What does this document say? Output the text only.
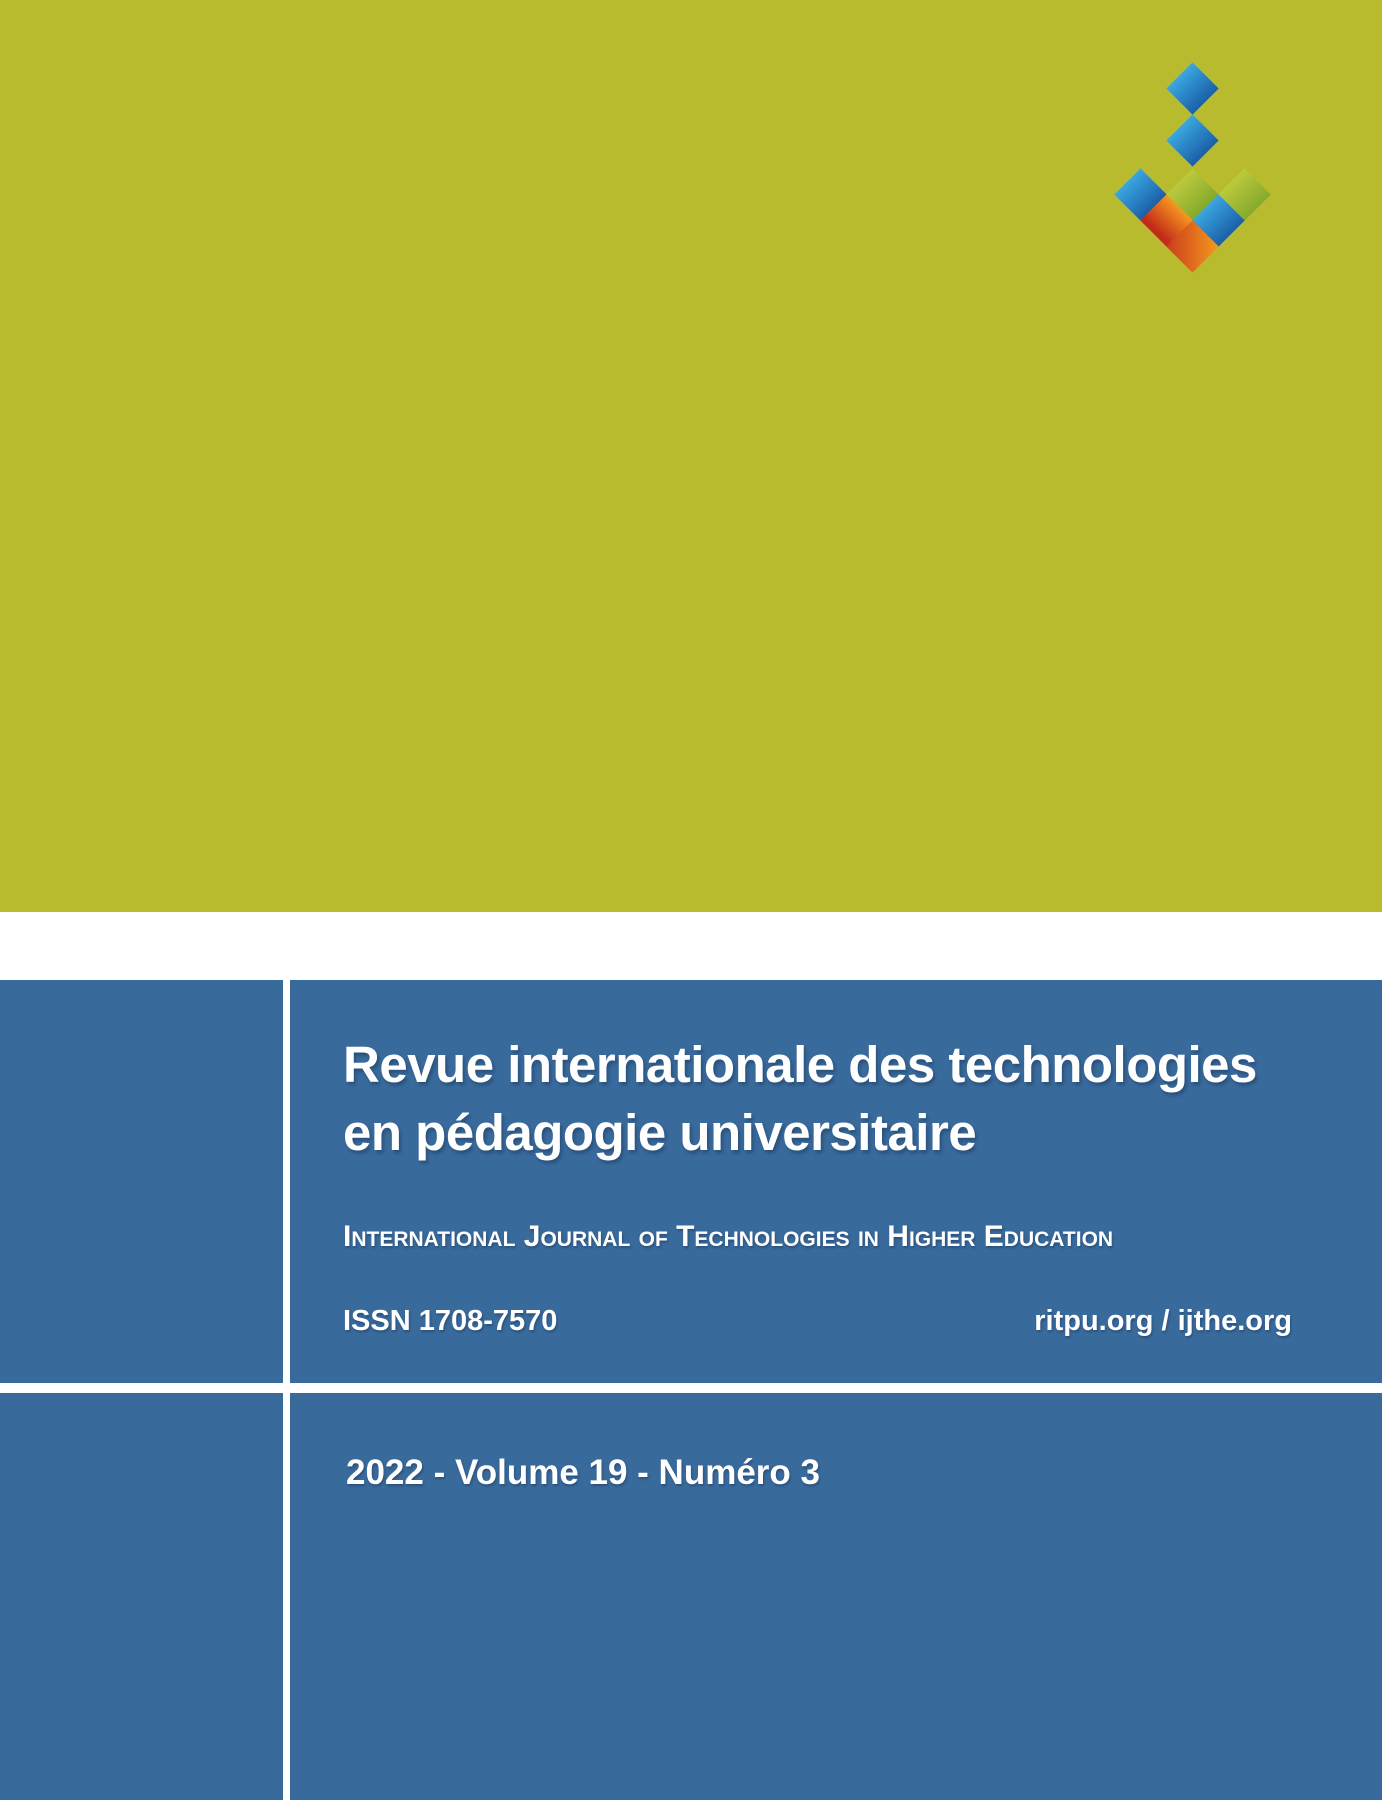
Revue internationale des technologies
en pédagogie universitaire
International Journal of Technologies in Higher Education
ISSN 1708-7570	ritpu.org / ijthe.org
2022 - Volume 19 - Numéro 3
